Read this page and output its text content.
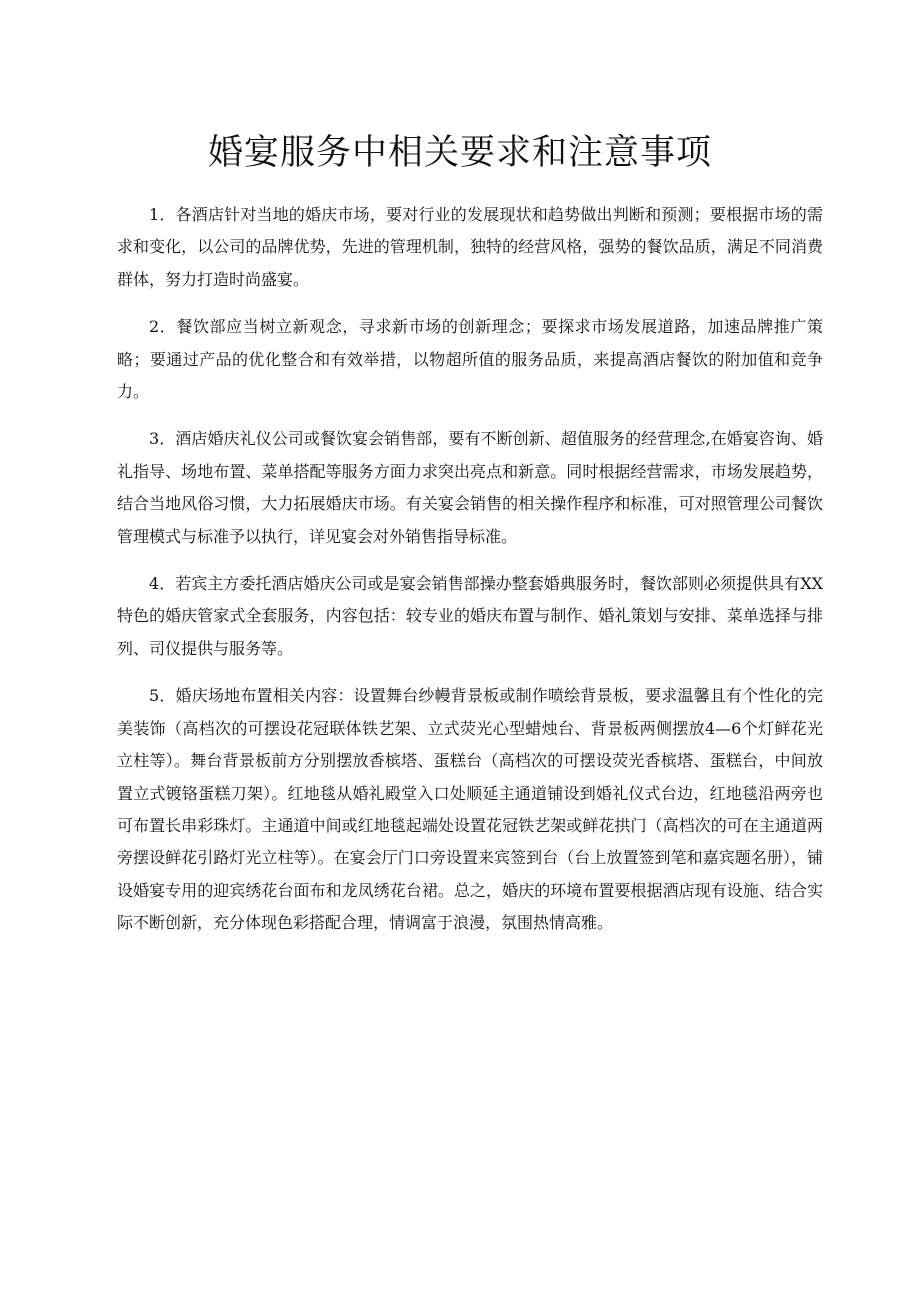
婚宴服务中相关要求和注意事项

1．各酒店针对当地的婚庆市场，要对行业的发展现状和趋势做出判断和预测；要根据市场的需求和变化，以公司的品牌优势，先进的管理机制，独特的经营风格，强势的餐饮品质，满足不同消费群体，努力打造时尚盛宴。

2．餐饮部应当树立新观念，寻求新市场的创新理念；要探求市场发展道路，加速品牌推广策略；要通过产品的优化整合和有效举措，以物超所值的服务品质，来提高酒店餐饮的附加值和竞争力。

3．酒店婚庆礼仪公司或餐饮宴会销售部，要有不断创新、超值服务的经营理念,在婚宴咨询、婚礼指导、场地布置、菜单搭配等服务方面力求突出亮点和新意。同时根据经营需求，市场发展趋势，结合当地风俗习惯，大力拓展婚庆市场。有关宴会销售的相关操作程序和标准，可对照管理公司餐饮管理模式与标准予以执行，详见宴会对外销售指导标准。

4．若宾主方委托酒店婚庆公司或是宴会销售部操办整套婚典服务时，餐饮部则必须提供具有XX特色的婚庆管家式全套服务，内容包括：较专业的婚庆布置与制作、婚礼策划与安排、菜单选择与排列、司仪提供与服务等。

5．婚庆场地布置相关内容：设置舞台纱幔背景板或制作喷绘背景板，要求温馨且有个性化的完美装饰（高档次的可摆设花冠联体铁艺架、立式荧光心型蜡烛台、背景板两侧摆放4—6个灯鲜花光立柱等）。舞台背景板前方分别摆放香槟塔、蛋糕台（高档次的可摆设荧光香槟塔、蛋糕台，中间放置立式镀铬蛋糕刀架）。红地毯从婚礼殿堂入口处顺延主通道铺设到婚礼仪式台边，红地毯沿两旁也可布置长串彩珠灯。主通道中间或红地毯起端处设置花冠铁艺架或鲜花拱门（高档次的可在主通道两旁摆设鲜花引路灯光立柱等）。在宴会厅门口旁设置来宾签到台（台上放置签到笔和嘉宾题名册），铺设婚宴专用的迎宾绣花台面布和龙凤绣花台裙。总之，婚庆的环境布置要根据酒店现有设施、结合实际不断创新，充分体现色彩搭配合理，情调富于浪漫，氛围热情高雅。
